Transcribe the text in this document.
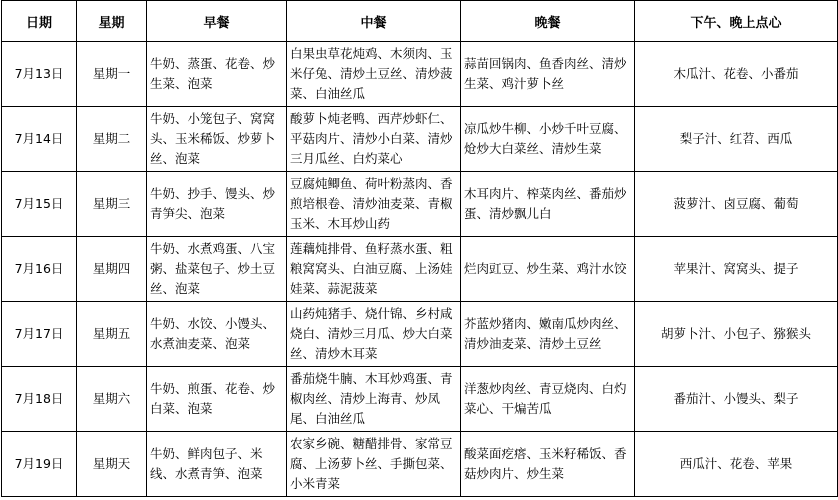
日期	星期	早餐	中餐	晚餐	下午、晚上点心
7月13日	星期一	牛奶、蒸蛋、花卷、炒生菜、泡菜	白果虫草花炖鸡、木须肉、玉米仔兔、清炒土豆丝、清炒菠菜、白油丝瓜	蒜苗回锅肉、鱼香肉丝、清炒生菜、鸡汁萝卜丝	木瓜汁、花卷、小番茄
7月14日	星期二	牛奶、小笼包子、窝窝头、玉米稀饭、炒萝卜丝、泡菜	酸萝卜炖老鸭、西芹炒虾仁、平菇肉片、清炒小白菜、清炒三月瓜丝、白灼菜心	凉瓜炒牛柳、小炒千叶豆腐、炝炒大白菜丝、清炒生菜	梨子汁、红苕、西瓜
7月15日	星期三	牛奶、抄手、馒头、炒青笋尖、泡菜	豆腐炖鲫鱼、荷叶粉蒸肉、香煎培根卷、清炒油麦菜、青椒玉米、木耳炒山药	木耳肉片、榨菜肉丝、番茄炒蛋、清炒飘儿白	菠萝汁、卤豆腐、葡萄
7月16日	星期四	牛奶、水煮鸡蛋、八宝粥、盐菜包子、炒土豆丝、泡菜	莲藕炖排骨、鱼籽蒸水蛋、粗粮窝窝头、白油豆腐、上汤娃娃菜、蒜泥菠菜	烂肉豇豆、炒生菜、鸡汁水饺	苹果汁、窝窝头、提子
7月17日	星期五	牛奶、水饺、小馒头、水煮油麦菜、泡菜	山药炖猪手、烧什锦、乡村咸烧白、清炒三月瓜、炒大白菜丝、清炒木耳菜	芥蓝炒猪肉、嫩南瓜炒肉丝、清炒油麦菜、清炒土豆丝	胡萝卜汁、小包子、猕猴头
7月18日	星期六	牛奶、煎蛋、花卷、炒白菜、泡菜	番茄烧牛腩、木耳炒鸡蛋、青椒肉丝、清炒上海青、炒凤尾、白油丝瓜	洋葱炒肉丝、青豆烧肉、白灼菜心、干煸苦瓜	番茄汁、小馒头、梨子
7月19日	星期天	牛奶、鲜肉包子、米线、水煮青笋、泡菜	农家乡碗、糖醋排骨、家常豆腐、上汤萝卜丝、手撕包菜、小米青菜	酸菜面疙瘩、玉米籽稀饭、香菇炒肉片、炒生菜	西瓜汁、花卷、苹果
